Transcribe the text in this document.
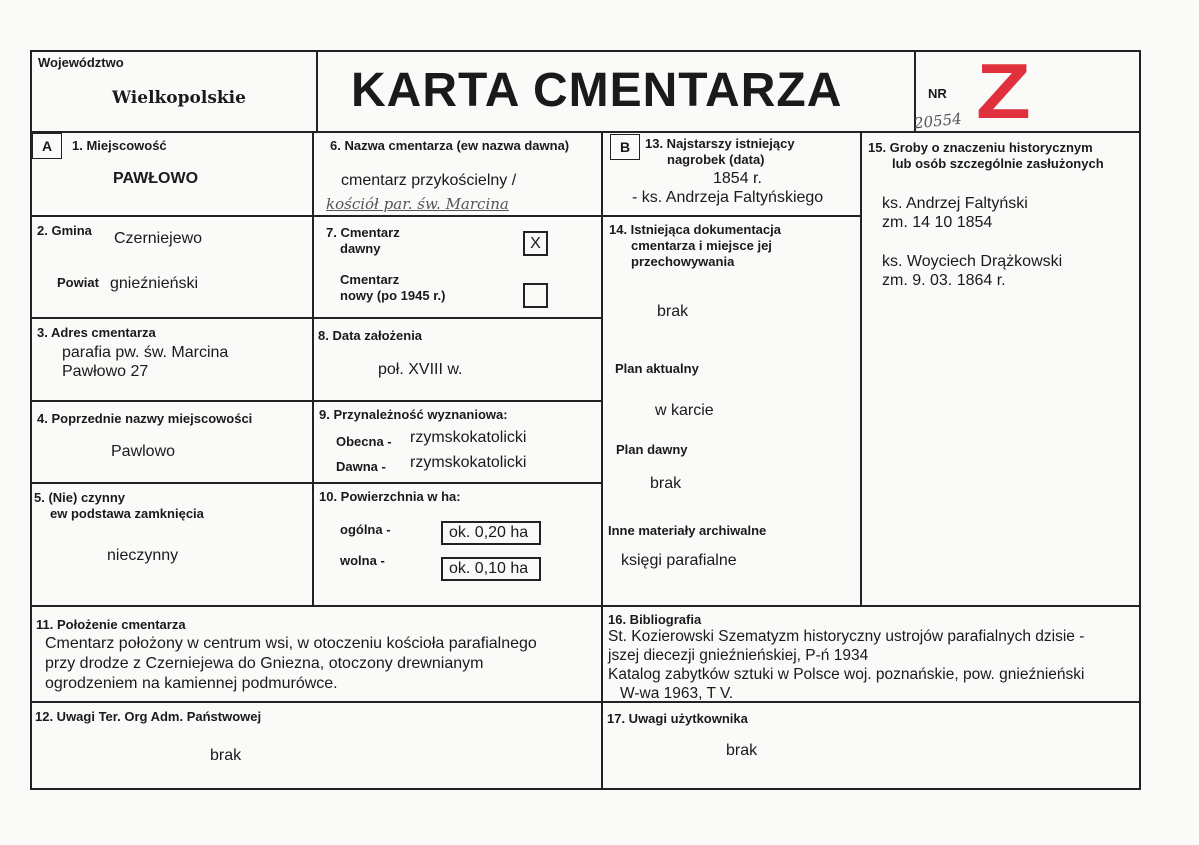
Województwo
Wielkopolskie KARTA CMENTARZA	NR Z
20554
A	1. Miejscowość
PAWŁOWO
2. Gmina Czerniejewo
Powiat gnieźnieński
3. Adres cmentarza
parafia pw. św. Marcina
Pawłowo 27
4. Poprzednie nazwy miejscowości
Pawlowo
5. (Nie) czynny
ew podstawa zamknięcia
nieczynny
6. Nazwa cmentarza (ew nazwa dawna)
cmentarz przykościelny /
kościół par. św. Marcina
7. Cmentarz
dawny	X
Cmentarz
nowy (po 1945 r.)
8. Data założenia
poł. XVIII w.
9. Przynależność wyznaniowa:
Obecna - rzymskokatolicki
Dawna - rzymskokatolicki
10. Powierzchnia w ha:
ogólna -	ok. 0,20 ha
wolna -	ok. 0,10 ha
B	13. Najstarszy istniejący
nagrobek (data)
1854 r.
- ks. Andrzeja Faltyńskiego
14. Istniejąca dokumentacja
cmentarza i miejsce jej
przechowywania
brak
Plan aktualny
w karcie
Plan dawny
brak
Inne materiały archiwalne
księgi parafialne
15. Groby o znaczeniu historycznym
lub osób szczególnie zasłużonych
ks. Andrzej Faltyński
zm. 14 10 1854
ks. Woyciech Drążkowski
zm. 9. 03. 1864 r.
11. Położenie cmentarza
Cmentarz położony w centrum wsi, w otoczeniu kościoła parafialnego
przy drodze z Czerniejewa do Gniezna, otoczony drewnianym
ogrodzeniem na kamiennej podmurówce.
16. Bibliografia
St. Kozierowski Szematyzm historyczny ustrojów parafialnych dzisie -
jszej diecezji gnieźnieńskiej, P-ń 1934
Katalog zabytków sztuki w Polsce woj. poznańskie, pow. gnieźnieński
W-wa 1963, T V.
12. Uwagi Ter. Org Adm. Państwowej
brak
17. Uwagi użytkownika
brak
